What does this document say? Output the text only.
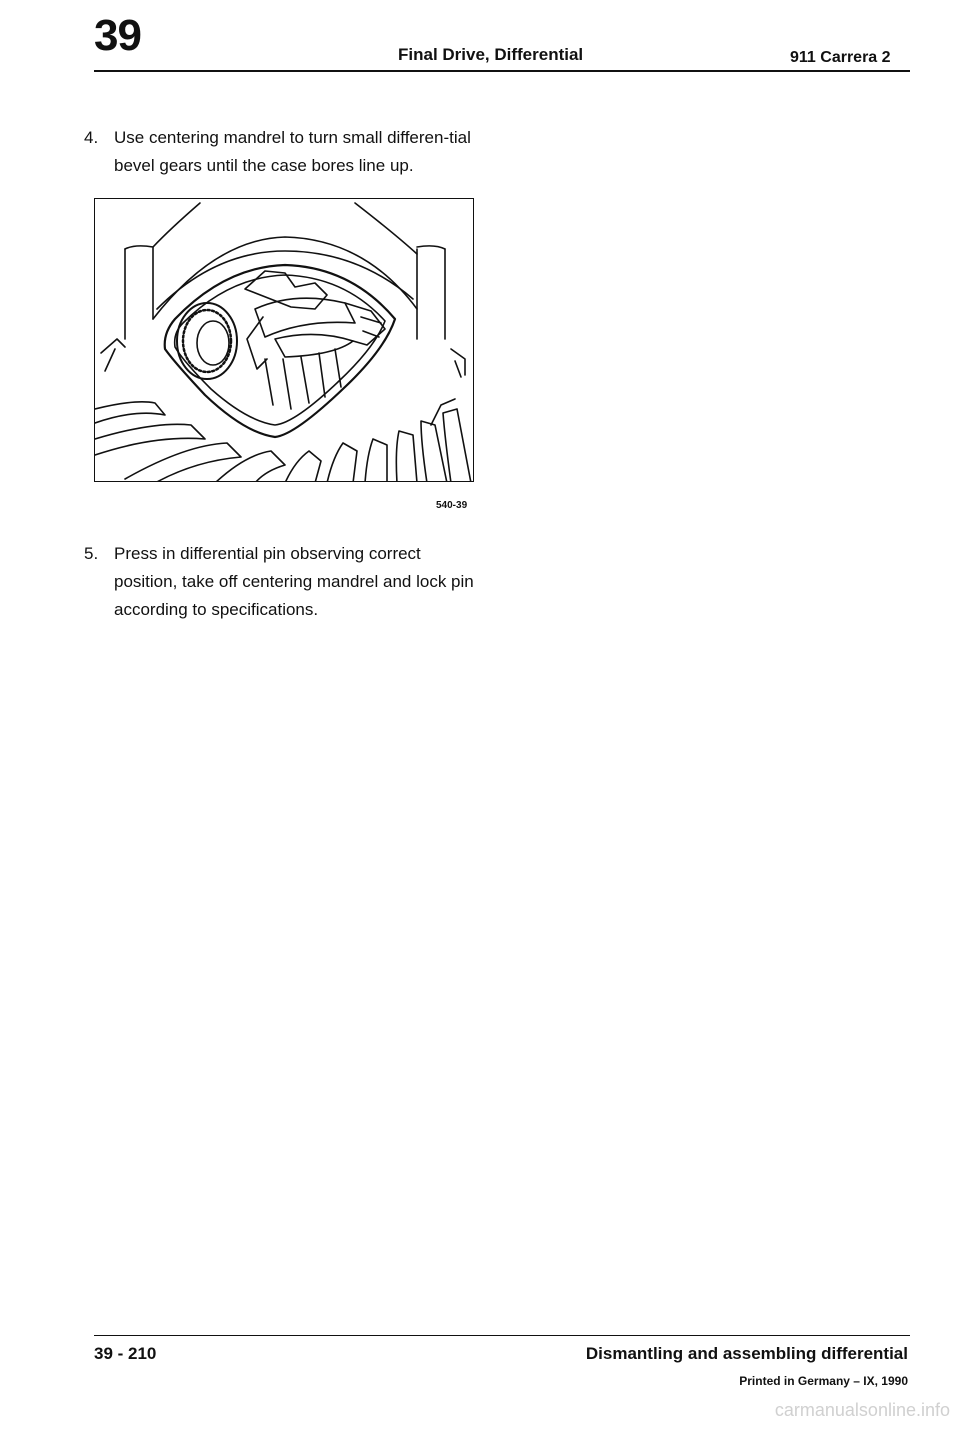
39	Final Drive, Differential	911 Carrera 2
4. Use centering mandrel to turn small differen-tial bevel gears until the case bores line up.
540-39
5. Press in differential pin observing correct position, take off centering mandrel and lock pin according to specifications.
39 - 210	Dismantling and assembling differential
Printed in Germany – IX, 1990
carmanualsonline.info
